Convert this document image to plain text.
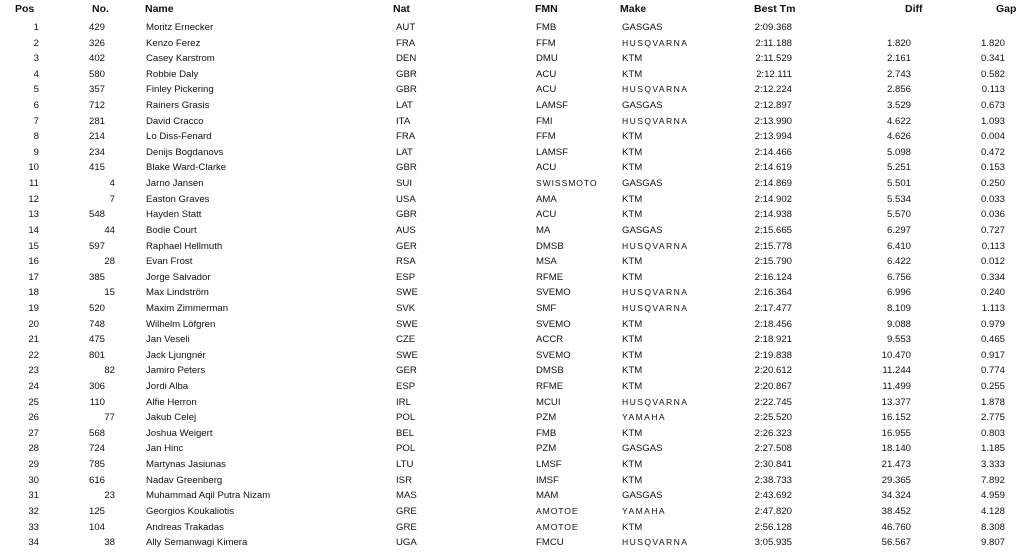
Pos	No.	Name	Nat	FMN	Make	Best Tm	Diff	Gap
1	429	Moritz Ernecker	AUT	FMB	GASGAS	2:09.368
2	326	Kenzo Ferez	FRA	FFM	HUSQVARNA	2:11.188	1.820	1.820
3	402	Casey Karstrom	DEN	DMU	KTM	2:11.529	2.161	0.341
4	580	Robbie Daly	GBR	ACU	KTM	2:12.111	2.743	0.582
5	357	Finley Pickering	GBR	ACU	HUSQVARNA	2:12.224	2.856	0.113
6	712	Rainers Grasis	LAT	LAMSF	GASGAS	2:12.897	3.529	0.673
7	281	David Cracco	ITA	FMI	HUSQVARNA	2:13.990	4.622	1.093
8	214	Lo Diss-Fenard	FRA	FFM	KTM	2:13.994	4.626	0.004
9	234	Denijs Bogdanovs	LAT	LAMSF	KTM	2:14.466	5.098	0.472
10	415	Blake Ward-Clarke	GBR	ACU	KTM	2:14.619	5.251	0.153
11	4	Jarno Jansen	SUI	SWISSMOTO	GASGAS	2:14.869	5.501	0.250
12	7	Easton Graves	USA	AMA	KTM	2:14.902	5.534	0.033
13	548	Hayden Statt	GBR	ACU	KTM	2:14.938	5.570	0.036
14	44	Bodie Court	AUS	MA	GASGAS	2:15.665	6.297	0.727
15	597	Raphael Hellmuth	GER	DMSB	HUSQVARNA	2:15.778	6.410	0.113
16	28	Evan Frost	RSA	MSA	KTM	2:15.790	6.422	0.012
17	385	Jorge Salvador	ESP	RFME	KTM	2:16.124	6.756	0.334
18	15	Max Lindström	SWE	SVEMO	HUSQVARNA	2:16.364	6.996	0.240
19	520	Maxim Zimmerman	SVK	SMF	HUSQVARNA	2:17.477	8.109	1.113
20	748	Wilhelm Löfgren	SWE	SVEMO	KTM	2:18.456	9.088	0.979
21	475	Jan Veseli	CZE	ACCR	KTM	2:18.921	9.553	0.465
22	801	Jack Ljungnér	SWE	SVEMO	KTM	2:19.838	10.470	0.917
23	82	Jamiro Peters	GER	DMSB	KTM	2:20.612	11.244	0.774
24	306	Jordi Alba	ESP	RFME	KTM	2:20.867	11.499	0.255
25	110	Alfie Herron	IRL	MCUI	HUSQVARNA	2:22.745	13.377	1.878
26	77	Jakub Celej	POL	PZM	YAMAHA	2:25.520	16.152	2.775
27	568	Joshua Weigert	BEL	FMB	KTM	2:26.323	16.955	0.803
28	724	Jan Hinc	POL	PZM	GASGAS	2:27.508	18.140	1.185
29	785	Martynas Jasiunas	LTU	LMSF	KTM	2:30.841	21.473	3.333
30	616	Nadav Greenberg	ISR	IMSF	KTM	2:38.733	29.365	7.892
31	23	Muhammad Aqil Putra Nizam	MAS	MAM	GASGAS	2:43.692	34.324	4.959
32	125	Georgios Koukaliotis	GRE	AMOTOE	YAMAHA	2:47.820	38.452	4.128
33	104	Andreas Trakadas	GRE	AMOTOE	KTM	2:56.128	46.760	8.308
34	38	Ally Semanwagi Kimera	UGA	FMCU	HUSQVARNA	3:05.935	56.567	9.807
